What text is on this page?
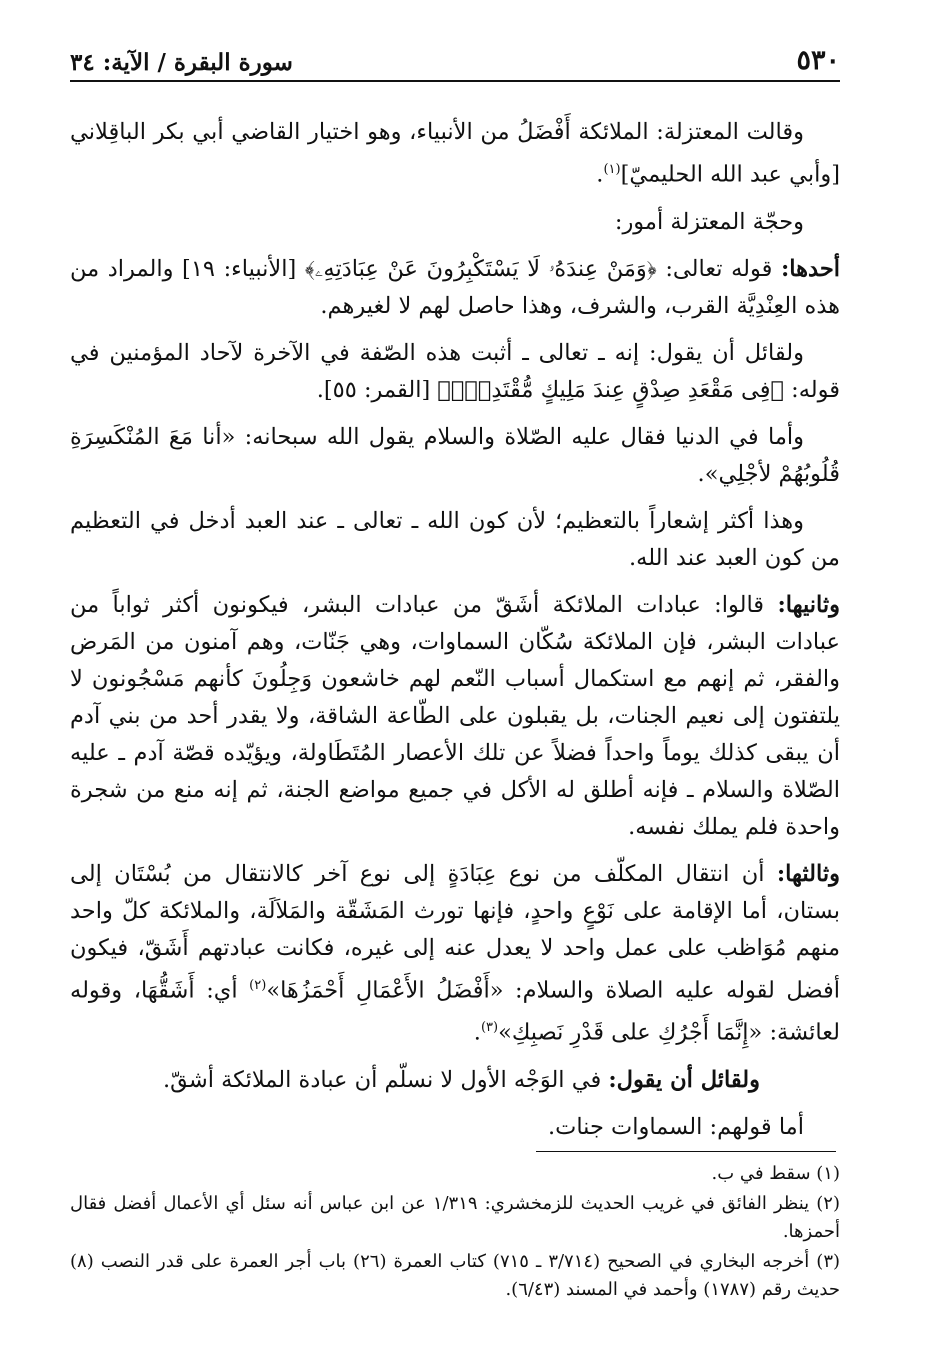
٥٣٠
سورة البقرة / الآية: ٣٤

وقالت المعتزلة: الملائكة أَفْضَلُ من الأنبياء، وهو اختيار القاضي أبي بكر الباقِلاني [وأبي عبد الله الحليميّ]$^{(١)}$.

وحجّة المعتزلة أمور:

أحدها: قوله تعالى: ﴿وَمَنْ عِندَهُۥ لَا يَسْتَكْبِرُونَ عَنْ عِبَادَتِهِۦ﴾ [الأنبياء: ١٩] والمراد من هذه العِنْدِيَّة القرب، والشرف، وهذا حاصل لهم لا لغيرهم.

ولقائل أن يقول: إنه ـ تعالى ـ أثبت هذه الصّفة في الآخرة لآحاد المؤمنين في قوله: ﴿فِى مَقْعَدِ صِدْقٍ عِندَ مَلِيكٍ مُّقْتَدِرٍۭ﴾ [القمر: ٥٥].

وأما في الدنيا فقال عليه الصّلاة والسلام يقول الله سبحانه: «أنا مَعَ المُنْكَسِرَةِ قُلُوبُهُمْ لأجْلِي».

وهذا أكثر إشعاراً بالتعظيم؛ لأن كون الله ـ تعالى ـ عند العبد أدخل في التعظيم من كون العبد عند الله.

وثانيها: قالوا: عبادات الملائكة أشَقّ من عبادات البشر، فيكونون أكثر ثواباً من عبادات البشر، فإن الملائكة سُكّان السماوات، وهي جَنّات، وهم آمنون من المَرض والفقر، ثم إنهم مع استكمال أسباب النّعم لهم خاشعون وَجِلُونَ كأنهم مَسْجُونون لا يلتفتون إلى نعيم الجنات، بل يقبلون على الطّاعة الشاقة، ولا يقدر أحد من بني آدم أن يبقى كذلك يوماً واحداً فضلاً عن تلك الأعصار المُتَطَاولة، ويؤيّده قصّة آدم ـ عليه الصّلاة والسلام ـ فإنه أطلق له الأكل في جميع مواضع الجنة، ثم إنه منع من شجرة واحدة فلم يملك نفسه.

وثالثها: أن انتقال المكلّف من نوع عِبَادَةٍ إلى نوع آخر كالانتقال من بُسْتَان إلى بستان، أما الإقامة على نَوْعٍ واحدٍ، فإنها تورث المَشَقّة والمَلاَلَة، والملائكة كلّ واحد منهم مُوَاظب على عمل واحد لا يعدل عنه إلى غيره، فكانت عبادتهم أَشَقّ، فيكون أفضل لقوله عليه الصلاة والسلام: «أَفْضَلُ الأَعْمَالِ أَحْمَزُهَا»$^{(٢)}$ أي: أَشَقُّهَا، وقوله لعائشة: «إِنَّمَا أَجْرُكِ على قَدْرِ نَصبِكِ»$^{(٣)}$.

ولقائل أن يقول: في الوَجْه الأول لا نسلّم أن عبادة الملائكة أشقّ.

أما قولهم: السماوات جنات.

(١) سقط في ب.

(٢) ينظر الفائق في غريب الحديث للزمخشري: ١/٣١٩ عن ابن عباس أنه سئل أي الأعمال أفضل فقال أحمزها.

(٣) أخرجه البخاري في الصحيح (٣/٧١٤ ـ ٧١٥) كتاب العمرة (٢٦) باب أجر العمرة على قدر النصب (٨) حديث رقم (١٧٨٧) وأحمد في المسند (٦/٤٣).
